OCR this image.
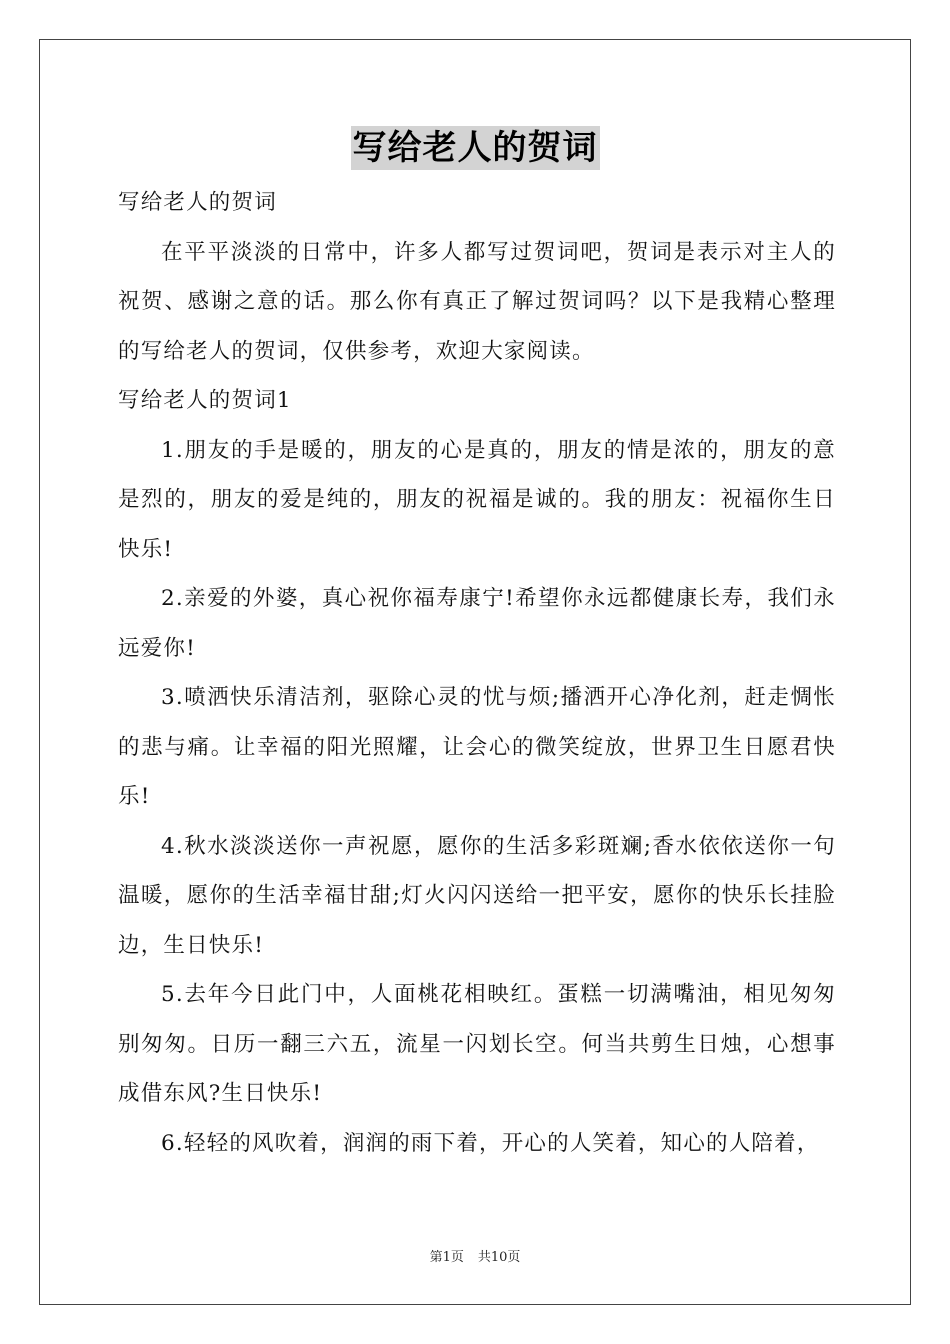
写给老人的贺词

写给老人的贺词

在平平淡淡的日常中，许多人都写过贺词吧，贺词是表示对主人的祝贺、感谢之意的话。那么你有真正了解过贺词吗？以下是我精心整理的写给老人的贺词，仅供参考，欢迎大家阅读。

写给老人的贺词1

1.朋友的手是暖的，朋友的心是真的，朋友的情是浓的，朋友的意是烈的，朋友的爱是纯的，朋友的祝福是诚的。我的朋友：祝福你生日快乐!

2.亲爱的外婆，真心祝你福寿康宁!希望你永远都健康长寿，我们永远爱你!

3.喷洒快乐清洁剂，驱除心灵的忧与烦;播洒开心净化剂，赶走惆怅的悲与痛。让幸福的阳光照耀，让会心的微笑绽放，世界卫生日愿君快乐!

4.秋水淡淡送你一声祝愿，愿你的生活多彩斑斓;香水依依送你一句温暖，愿你的生活幸福甘甜;灯火闪闪送给一把平安，愿你的快乐长挂脸边，生日快乐!

5.去年今日此门中，人面桃花相映红。蛋糕一切满嘴油，相见匆匆别匆匆。日历一翻三六五，流星一闪划长空。何当共剪生日烛，心想事成借东风?生日快乐!

6.轻轻的风吹着，润润的雨下着，开心的人笑着，知心的人陪着，

第1页 共10页
